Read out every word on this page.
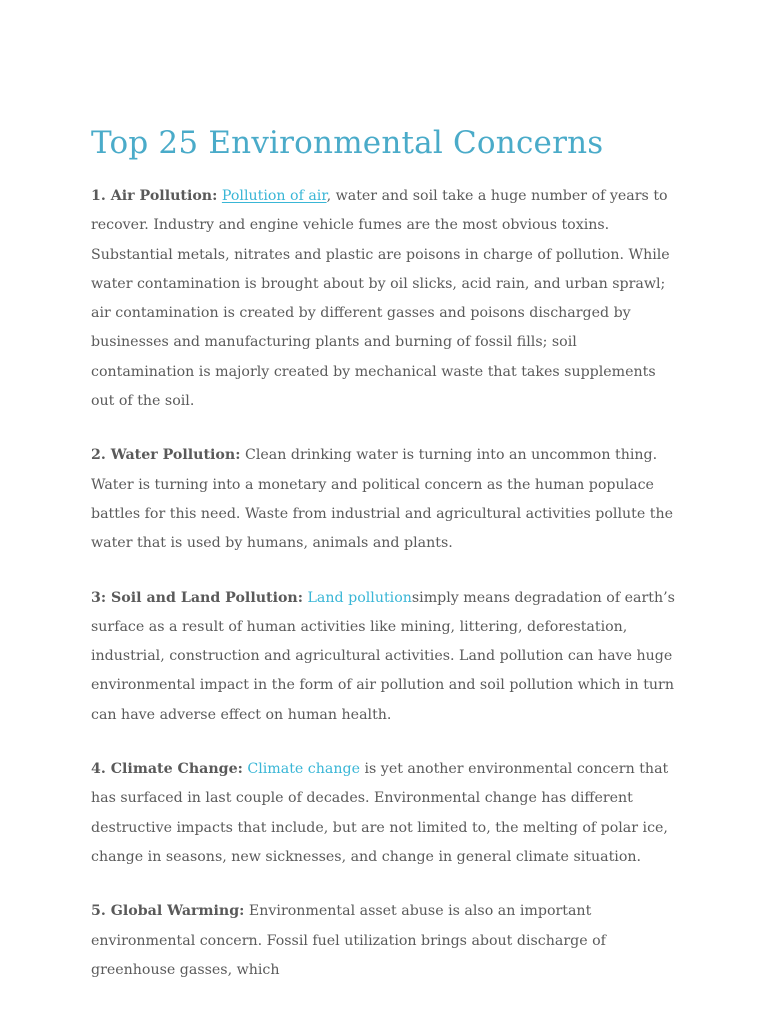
Top 25 Environmental Concerns

1. Air Pollution: Pollution of air, water and soil take a huge number of years to recover. Industry and engine vehicle fumes are the most obvious toxins. Substantial metals, nitrates and plastic are poisons in charge of pollution. While water contamination is brought about by oil slicks, acid rain, and urban sprawl; air contamination is created by different gasses and poisons discharged by businesses and manufacturing plants and burning of fossil fills; soil contamination is majorly created by mechanical waste that takes supplements out of the soil.

2. Water Pollution: Clean drinking water is turning into an uncommon thing. Water is turning into a monetary and political concern as the human populace battles for this need. Waste from industrial and agricultural activities pollute the water that is used by humans, animals and plants.

3: Soil and Land Pollution: Land pollutionsimply means degradation of earth’s surface as a result of human activities like mining, littering, deforestation, industrial, construction and agricultural activities. Land pollution can have huge environmental impact in the form of air pollution and soil pollution which in turn can have adverse effect on human health.

4. Climate Change: Climate change is yet another environmental concern that has surfaced in last couple of decades. Environmental change has different destructive impacts that include, but are not limited to, the melting of polar ice, change in seasons, new sicknesses, and change in general climate situation.

5. Global Warming: Environmental asset abuse is also an important environmental concern. Fossil fuel utilization brings about discharge of greenhouse gasses, which
